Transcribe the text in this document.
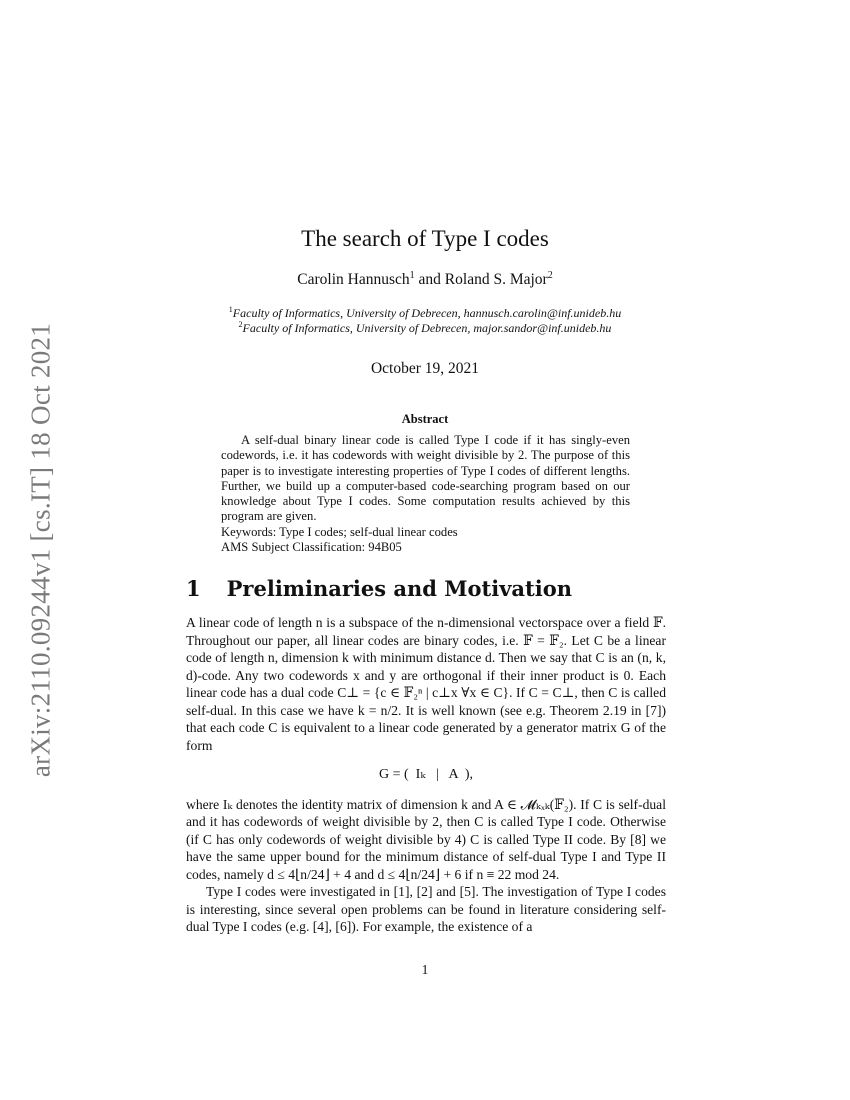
arXiv:2110.09244v1 [cs.IT] 18 Oct 2021
The search of Type I codes
Carolin Hannusch$^1$ and Roland S. Major$^2$
$^1$Faculty of Informatics, University of Debrecen, hannusch.carolin@inf.unideb.hu
$^2$Faculty of Informatics, University of Debrecen, major.sandor@inf.unideb.hu
October 19, 2021
Abstract

A self-dual binary linear code is called Type I code if it has singly-even codewords, i.e. it has codewords with weight divisible by 2. The purpose of this paper is to investigate interesting properties of Type I codes of different lengths. Further, we build up a computer-based code-searching program based on our knowledge about Type I codes. Some computation results achieved by this program are given.

Keywords: Type I codes; self-dual linear codes

AMS Subject Classification: 94B05

1 Preliminaries and Motivation

A linear code of length n is a subspace of the n-dimensional vectorspace over a field 𝔽. Throughout our paper, all linear codes are binary codes, i.e. 𝔽 = 𝔽₂. Let C be a linear code of length n, dimension k with minimum distance d. Then we say that C is an (n, k, d)-code. Any two codewords x and y are orthogonal if their inner product is 0. Each linear code has a dual code C⊥ = {c ∈ 𝔽₂ⁿ | c⊥x ∀x ∈ C}. If C = C⊥, then C is called self-dual. In this case we have k = n/2. It is well known (see e.g. Theorem 2.19 in [7]) that each code C is equivalent to a linear code generated by a generator matrix G of the form

G = (  Iₖ   |   A  ),

where Iₖ denotes the identity matrix of dimension k and A ∈ 𝓜ₖₓₖ(𝔽₂). If C is self-dual and it has codewords of weight divisible by 2, then C is called Type I code. Otherwise (if C has only codewords of weight divisible by 4) C is called Type II code. By [8] we have the same upper bound for the minimum distance of self-dual Type I and Type II codes, namely d ≤ 4⌊n/24⌋ + 4 and d ≤ 4⌊n/24⌋ + 6 if n ≡ 22 mod 24.

Type I codes were investigated in [1], [2] and [5]. The investigation of Type I codes is interesting, since several open problems can be found in literature considering self-dual Type I codes (e.g. [4], [6]). For example, the existence of a

1
